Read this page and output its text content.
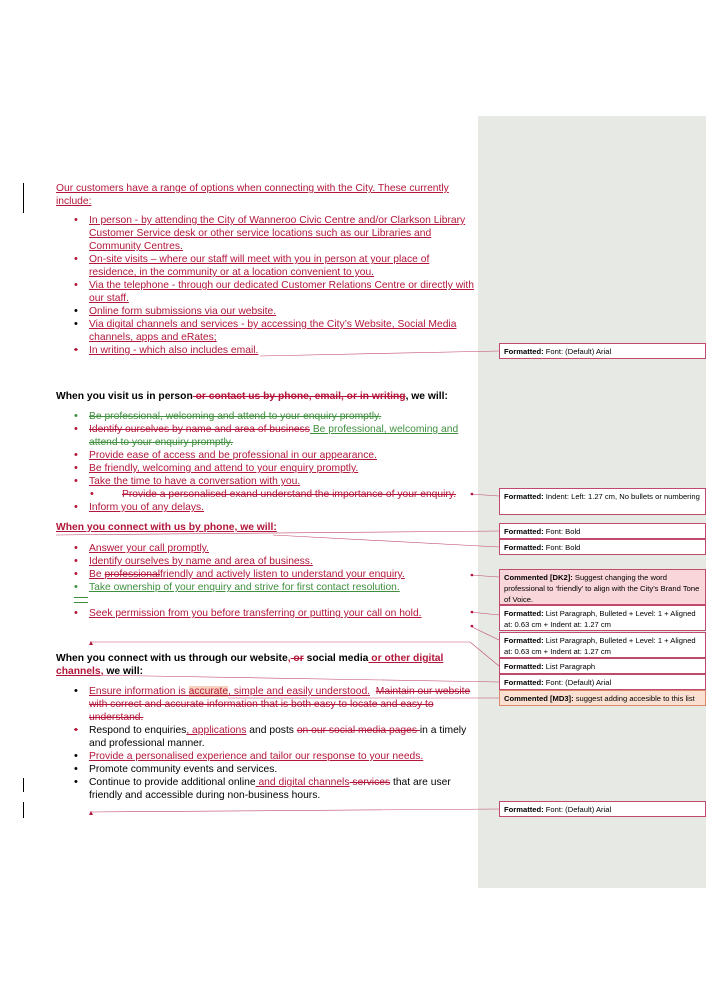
Our customers have a range of options when connecting with the City. These currently
include:
• In person - by attending the City of Wanneroo Civic Centre and/or Clarkson Library
Customer Service desk or other service locations such as our Libraries and
Community Centres.
• On-site visits – where our staff will meet with you in person at your place of
residence, in the community or at a location convenient to you.
• Via the telephone - through our dedicated Customer Relations Centre or directly with
our staff.
• Online form submissions via our website.
• Via digital channels and services - by accessing the City’s Website, Social Media
channels, apps and eRates;
• In writing - which also includes email.
When you visit us in person or contact us by phone, email, or in writing, we will:
• Be professional, welcoming and attend to your enquiry promptly.
• Identify ourselves by name and area of business Be professional, welcoming and
attend to your enquiry promptly.
• Provide ease of access and be professional in our appearance.
• Be friendly, welcoming and attend to your enquiry promptly.
• Take the time to have a conversation with you.
•	Provide a personalised exand understand the importance of your enquiry.
• Inform you of any delays.
When you connect with us by phone, we will:
• Answer your call promptly.
• Identify ourselves by name and area of business.
• Be professionalfriendly and actively listen to understand your enquiry.
• Take ownership of your enquiry and strive for first contact resolution.
• Seek permission from you before transferring or putting your call on hold.
When you connect with us through our website, or social media or other digital
channels, we will:
• Ensure information is accurate, simple and easily understood. Maintain our website
with correct and accurate information that is both easy to locate and easy to
understand.
• Respond to enquiries, applications and posts on our social media pages in a timely
and professional manner.
• Provide a personalised experience and tailor our response to your needs.
• Promote community events and services.
• Continue to provide additional online and digital channels services that are user
friendly and accessible during non-business hours.
Formatted: Font: (Default) Arial
Formatted: Indent: Left: 1.27 cm, No bullets or numbering
Formatted: Font: Bold
Formatted: Font: Bold
Commented [DK2]: Suggest changing the word professional to ‘friendly’ to align with the City’s Brand Tone of Voice.
Formatted: List Paragraph, Bulleted + Level: 1 + Aligned at: 0.63 cm + Indent at: 1.27 cm
Formatted: List Paragraph, Bulleted + Level: 1 + Aligned at: 0.63 cm + Indent at: 1.27 cm
Formatted: List Paragraph
Formatted: Font: (Default) Arial
Commented [MD3]: suggest adding accesible to this list
Formatted: Font: (Default) Arial
